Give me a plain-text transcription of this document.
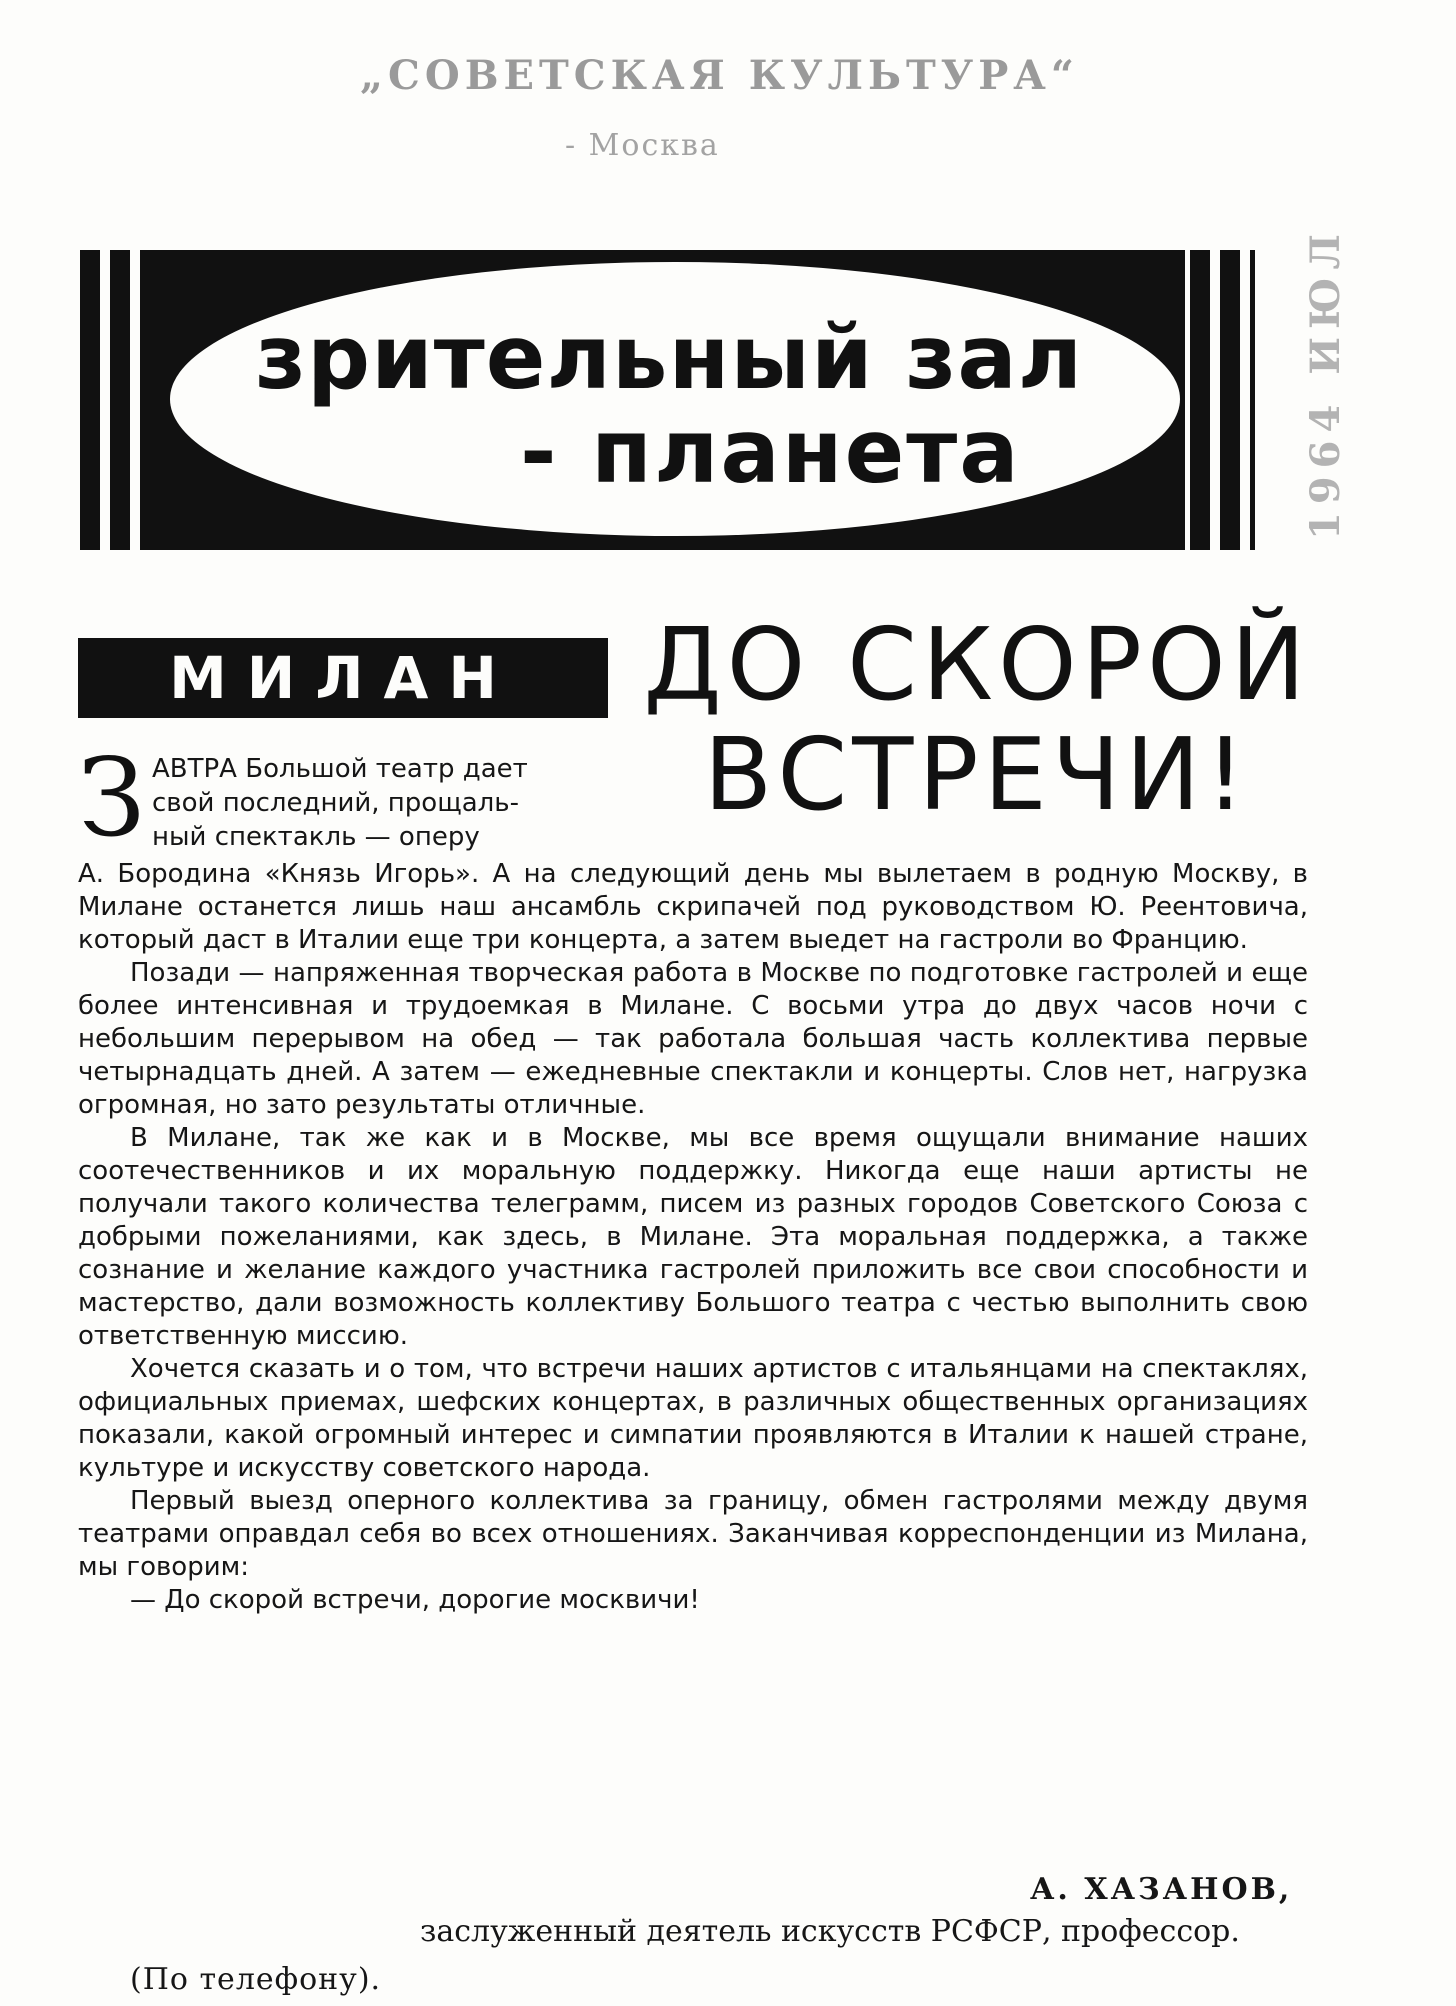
„СОВЕТСКАЯ КУЛЬТУРА“
- Москва
1964 ИЮЛ
зрительный зал
- планета
МИЛАН	ДО СКОРОЙ
ВСТРЕЧИ!
З АВТРА Большой театр дает
свой последний, прощаль-
ный спектакль — оперу

А. Бородина «Князь Игорь». А на следующий день мы вылетаем в родную Москву, в Милане останется лишь наш ансамбль скрипачей под руководством Ю. Реентовича, который даст в Италии еще три концерта, а затем выедет на гастроли во Францию.

Позади — напряженная творческая работа в Москве по подготовке гастролей и еще более интенсивная и трудоемкая в Милане. С восьми утра до двух часов ночи с небольшим перерывом на обед — так работала большая часть коллектива первые четырнадцать дней. А затем — ежедневные спектакли и концерты. Слов нет, нагрузка огромная, но зато результаты отличные.

В Милане, так же как и в Москве, мы все время ощущали внимание наших соотечественников и их моральную поддержку. Никогда еще наши артисты не получали такого количества телеграмм, писем из разных городов Советского Союза с добрыми пожеланиями, как здесь, в Милане. Эта моральная поддержка, а также сознание и желание каждого участника гастролей приложить все свои способности и мастерство, дали возможность коллективу Большого театра с честью выполнить свою ответственную миссию.

Хочется сказать и о том, что встречи наших артистов с итальянцами на спектаклях, официальных приемах, шефских концертах, в различных общественных организациях показали, какой огромный интерес и симпатии проявляются в Италии к нашей стране, культуре и искусству советского народа.

Первый выезд оперного коллектива за границу, обмен гастролями между двумя театрами оправдал себя во всех отношениях. Заканчивая корреспонденции из Милана, мы говорим:

— До скорой встречи, дорогие москвичи!

А. ХАЗАНОВ,
заслуженный деятель искусств РСФСР, профессор.
(По телефону).
